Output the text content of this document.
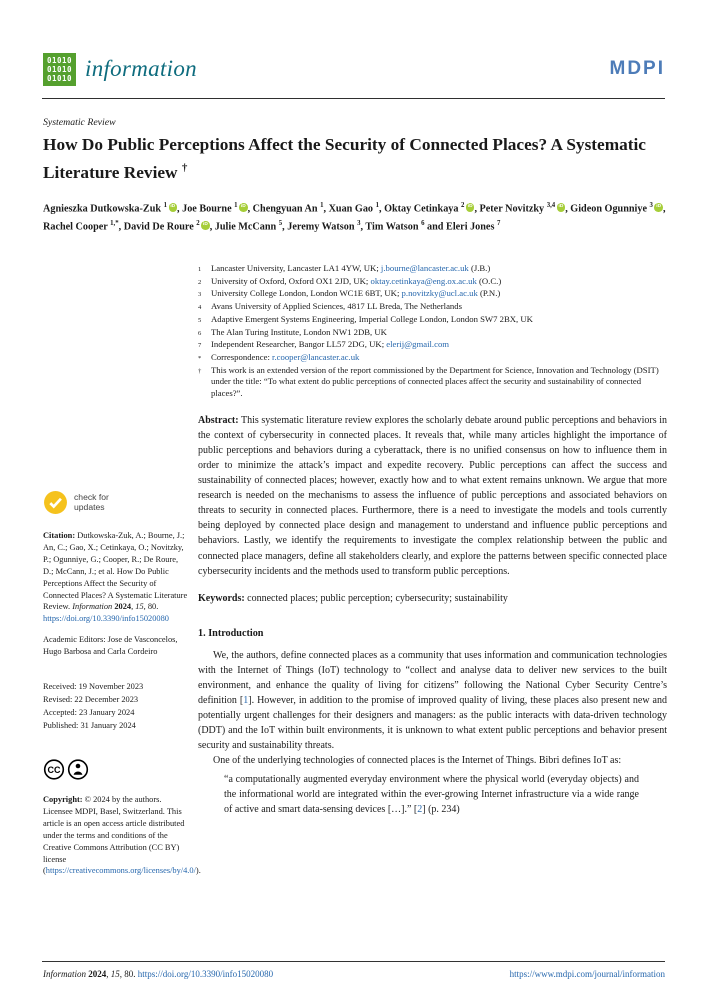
01010
01010
01010 information	MDPI
Systematic Review
How Do Public Perceptions Affect the Security of Connected Places? A Systematic Literature Review †
Agnieszka Dutkowska-Zuk $^1$ iD , Joe Bourne $^1$ iD , Chengyuan An $^1$, Xuan Gao $^1$, Oktay Cetinkaya $^2$ iD , Peter Novitzky $^{3,4}$ iD , Gideon Ogunniye $^3$ iD , Rachel Cooper $^{1,*}$, David De Roure $^2$ iD , Julie McCann $^5$, Jeremy Watson $^3$, Tim Watson $^6$ and Eleri Jones $^7$
1	Lancaster University, Lancaster LA1 4YW, UK; j.bourne@lancaster.ac.uk (J.B.)
2	University of Oxford, Oxford OX1 2JD, UK; oktay.cetinkaya@eng.ox.ac.uk (O.C.)
3	University College London, London WC1E 6BT, UK; p.novitzky@ucl.ac.uk (P.N.)
4	Avans University of Applied Sciences, 4817 LL Breda, The Netherlands
5	Adaptive Emergent Systems Engineering, Imperial College London, London SW7 2BX, UK
6	The Alan Turing Institute, London NW1 2DB, UK
7	Independent Researcher, Bangor LL57 2DG, UK; elerij@gmail.com
*	Correspondence: r.cooper@lancaster.ac.uk
†	This work is an extended version of the report commissioned by the Department for Science, Innovation and Technology (DSIT) under the title: “To what extent do public perceptions of connected places affect the security and sustainability of connected places?”.
Abstract: This systematic literature review explores the scholarly debate around public perceptions and behaviors in the context of cybersecurity in connected places. It reveals that, while many articles highlight the importance of public perceptions and behaviors during a cyberattack, there is no unified consensus on how to influence them in order to minimize the attack’s impact and expedite recovery. Public perceptions can affect the success and sustainability of connected places; however, exactly how and to what extent remains unknown. We argue that more research is needed on the mechanisms to assess the influence of public perceptions and associated behaviors on threats to security in connected places. Furthermore, there is a need to investigate the models and tools currently being deployed by connected place design and management to understand and influence public perceptions and behaviors. Lastly, we identify the requirements to investigate the complex relationship between the public and connected place managers, define all stakeholders clearly, and explore the patterns between specific connected place cybersecurity incidents and the methods used to transform public perceptions.
Keywords: connected places; public perception; cybersecurity; sustainability
1. Introduction

We, the authors, define connected places as a community that uses information and communication technologies with the Internet of Things (IoT) technology to “collect and analyse data to deliver new services to the built environment, and enhance the quality of living for citizens” following the National Cyber Security Centre’s definition [1]. However, in addition to the promise of improved quality of living, these places also present new and potentially urgent challenges for their designers and managers: as the public interacts with data-driven technology (DDT) and the IoT within built environments, it is unknown to what extent public perceptions and behavior present security and sustainability threats.

One of the underlying technologies of connected places is the Internet of Things. Bibri defines IoT as:

“a computationally augmented everyday environment where the physical world (everyday objects) and the informational world are integrated within the ever-growing Internet infrastructure via a wide range of active and smart data-sensing devices […].” [2] (p. 234)
check for
updates
Citation: Dutkowska-Zuk, A.; Bourne, J.; An, C.; Gao, X.; Cetinkaya, O.; Novitzky, P.; Ogunniye, G.; Cooper, R.; De Roure, D.; McCann, J.; et al. How Do Public Perceptions Affect the Security of Connected Places? A Systematic Literature Review. Information 2024, 15, 80. https://doi.org/10.3390/info15020080
Academic Editors: Jose de Vasconcelos, Hugo Barbosa and Carla Cordeiro
Received: 19 November 2023
Revised: 22 December 2023
Accepted: 23 January 2024
Published: 31 January 2024
CC
Copyright: © 2024 by the authors. Licensee MDPI, Basel, Switzerland. This article is an open access article distributed under the terms and conditions of the Creative Commons Attribution (CC BY) license (https://creativecommons.org/licenses/by/4.0/).
Information 2024, 15, 80. https://doi.org/10.3390/info15020080	https://www.mdpi.com/journal/information
